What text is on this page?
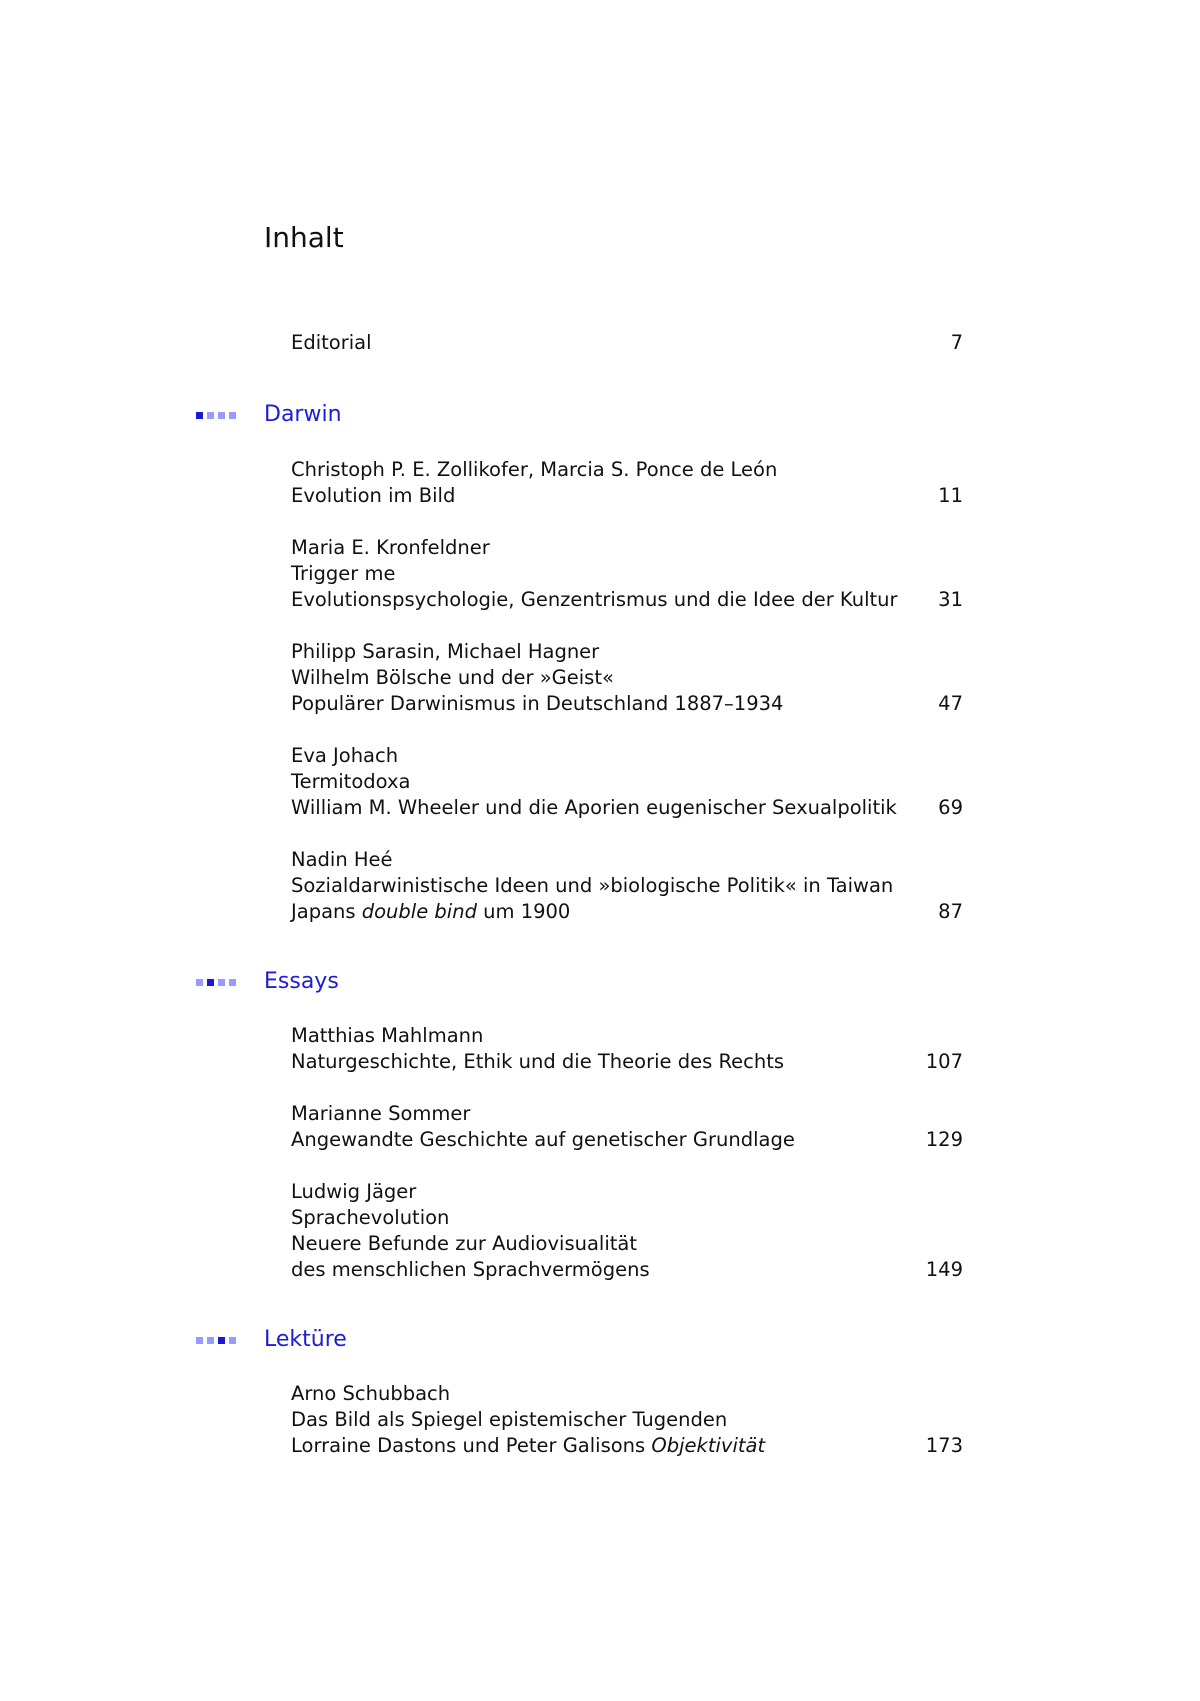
Inhalt
Editorial	7
Darwin
Christoph P. E. Zollikofer, Marcia S. Ponce de León
Evolution im Bild	11
Maria E. Kronfeldner
Trigger me
Evolutionspsychologie, Genzentrismus und die Idee der Kultur	31
Philipp Sarasin, Michael Hagner
Wilhelm Bölsche und der »Geist«
Populärer Darwinismus in Deutschland 1887–1934	47
Eva Johach
Termitodoxa
William M. Wheeler und die Aporien eugenischer Sexualpolitik	69
Nadin Heé
Sozialdarwinistische Ideen und »biologische Politik« in Taiwan
Japans double bind um 1900	87
Essays
Matthias Mahlmann
Naturgeschichte, Ethik und die Theorie des Rechts	107
Marianne Sommer
Angewandte Geschichte auf genetischer Grundlage	129
Ludwig Jäger
Sprachevolution
Neuere Befunde zur Audiovisualität
des menschlichen Sprachvermögens	149
Lektüre
Arno Schubbach
Das Bild als Spiegel epistemischer Tugenden
Lorraine Dastons und Peter Galisons Objektivität	173
